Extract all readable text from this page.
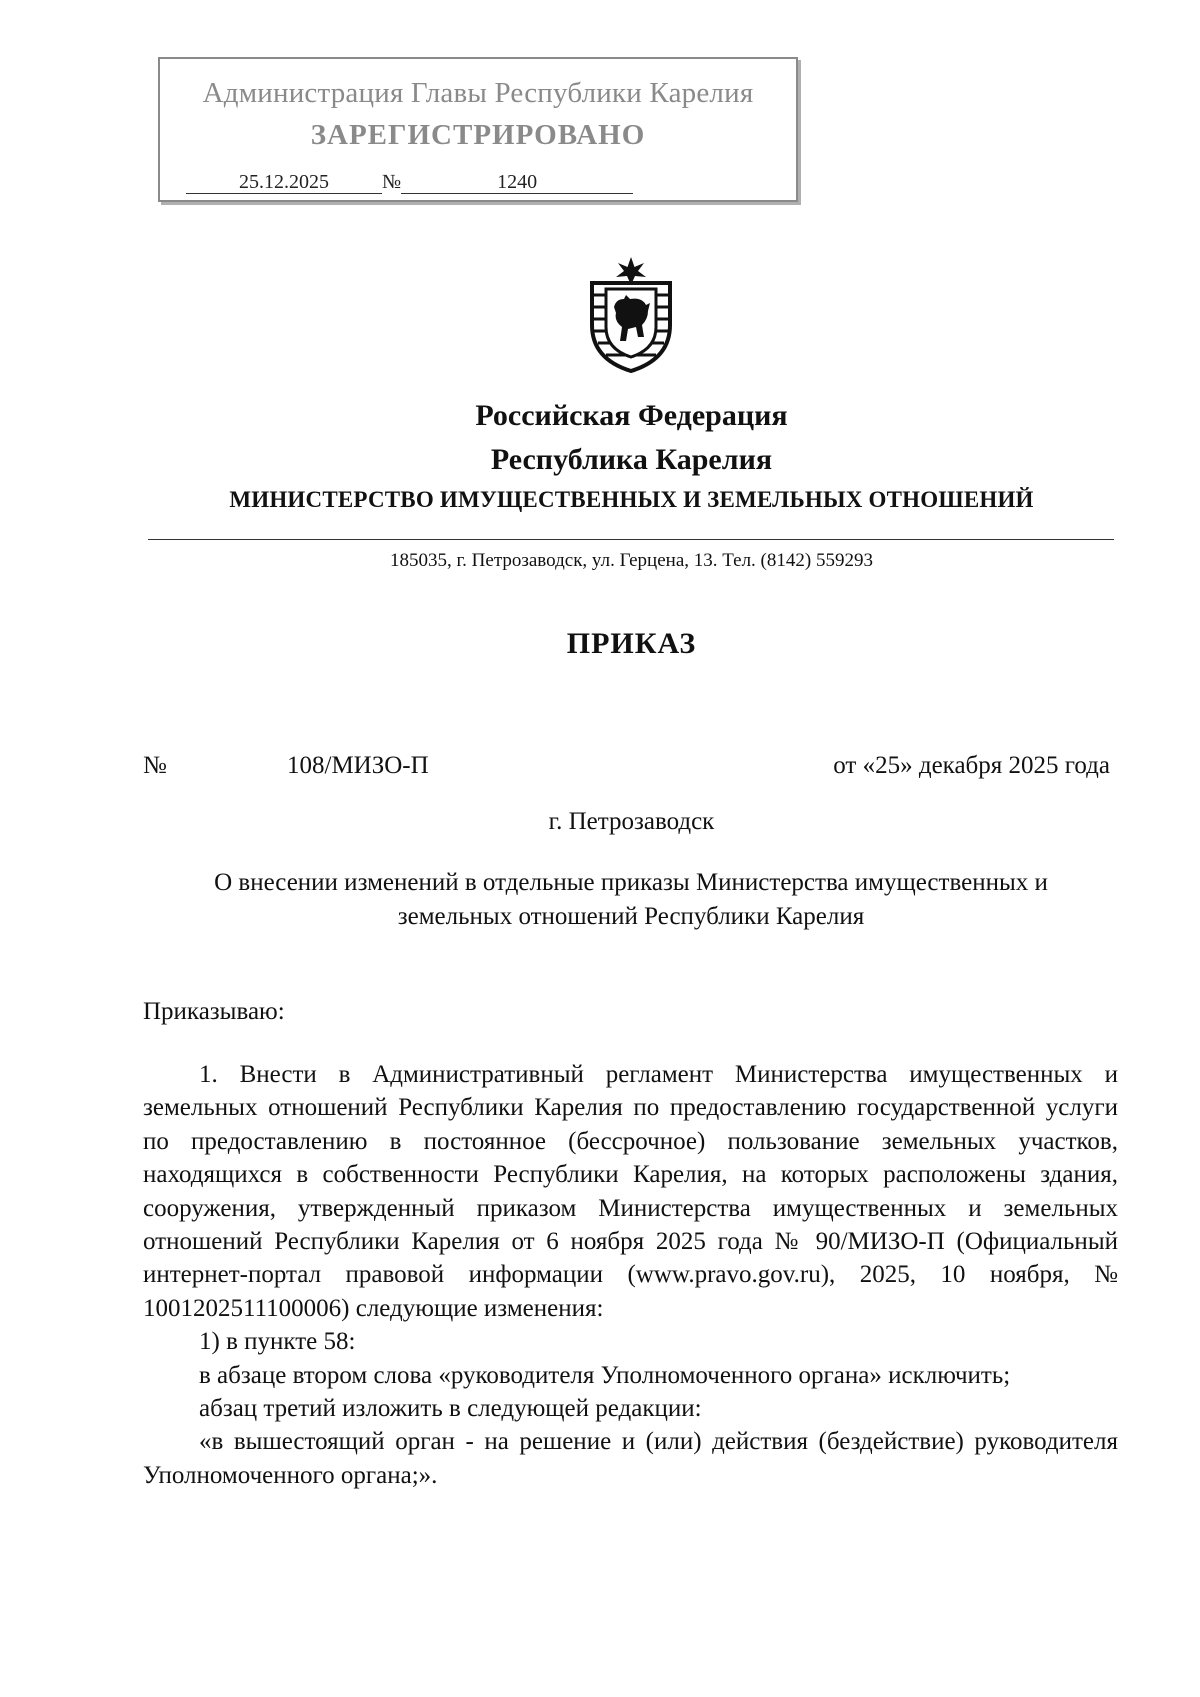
Администрация Главы Республики Карелия
ЗАРЕГИСТРИРОВАНО
25.12.2025	№	1240
Российская Федерация
Республика Карелия
МИНИСТЕРСТВО ИМУЩЕСТВЕННЫХ И ЗЕМЕЛЬНЫХ ОТНОШЕНИЙ
185035, г. Петрозаводск, ул. Герцена, 13. Тел. (8142) 559293
ПРИКАЗ
№	108/МИЗО-П	от «25» декабря 2025 года
г. Петрозаводск
О внесении изменений в отдельные приказы Министерства имущественных и
земельных отношений Республики Карелия
Приказываю:

1. Внести в Административный регламент Министерства имущественных и земельных отношений Республики Карелия по предоставлению государственной услуги по предоставлению в постоянное (бессрочное) пользование земельных участков, находящихся в собственности Республики Карелия, на которых расположены здания, сооружения, утвержденный приказом Министерства имущественных и земельных отношений Республики Карелия от 6 ноября 2025 года № 90/МИЗО-П (Официальный интернет-портал правовой информации (www.pravo.gov.ru), 2025, 10 ноября, № 1001202511100006) следующие изменения:

1) в пункте 58:

в абзаце втором слова «руководителя Уполномоченного органа» исключить;

абзац третий изложить в следующей редакции:

«в вышестоящий орган - на решение и (или) действия (бездействие) руководителя Уполномоченного органа;».
